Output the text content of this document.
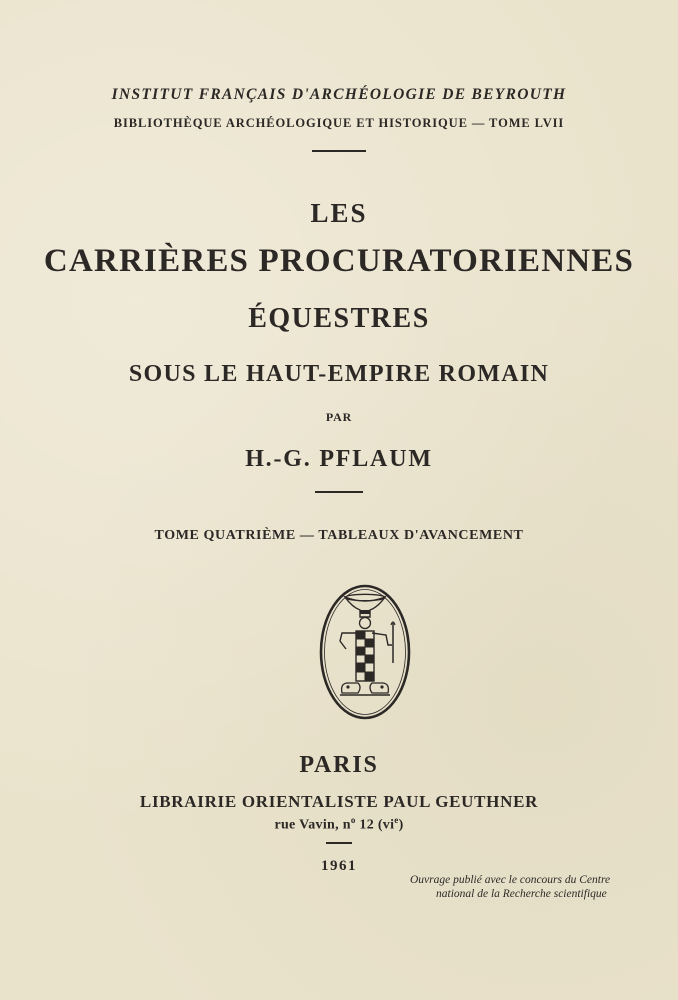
INSTITUT FRANÇAIS D'ARCHÉOLOGIE DE BEYROUTH
BIBLIOTHÈQUE ARCHÉOLOGIQUE ET HISTORIQUE — TOME LVII
LES
CARRIÈRES PROCURATORIENNES
ÉQUESTRES
SOUS LE HAUT-EMPIRE ROMAIN
PAR
H.-G. PFLAUM
TOME QUATRIÈME — TABLEAUX D'AVANCEMENT
PARIS
LIBRAIRIE ORIENTALISTE PAUL GEUTHNER
rue Vavin, $n^o$ 12 $(vi^e)$
1961
Ouvrage publié avec le concours du Centre
national de la Recherche scientifique
